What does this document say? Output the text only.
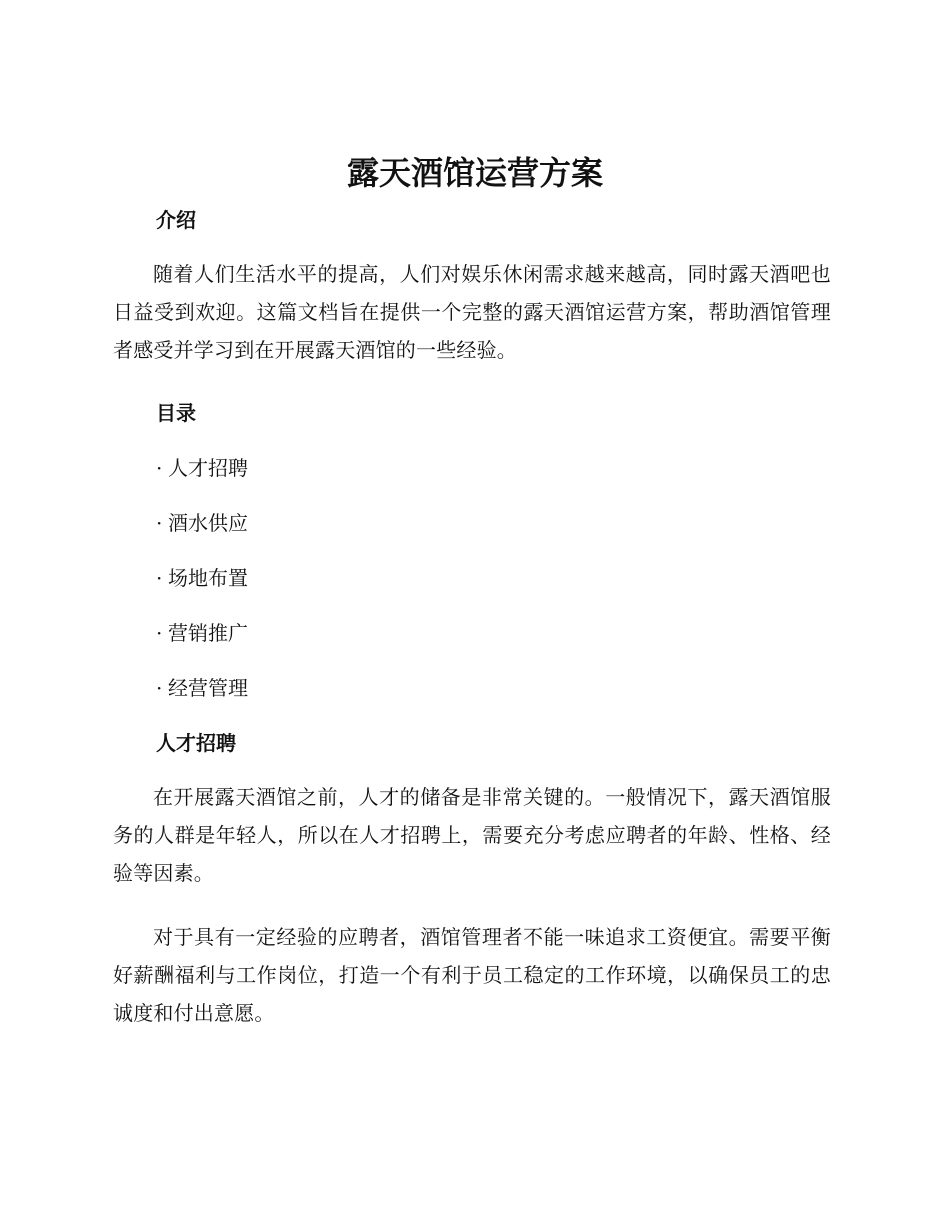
露天酒馆运营方案
介绍

随着人们生活水平的提高，人们对娱乐休闲需求越来越高，同时露天酒吧也日益受到欢迎。这篇文档旨在提供一个完整的露天酒馆运营方案，帮助酒馆管理者感受并学习到在开展露天酒馆的一些经验。

目录

· 人才招聘

· 酒水供应

· 场地布置

· 营销推广

· 经营管理

人才招聘

在开展露天酒馆之前，人才的储备是非常关键的。一般情况下，露天酒馆服务的人群是年轻人，所以在人才招聘上，需要充分考虑应聘者的年龄、性格、经验等因素。

对于具有一定经验的应聘者，酒馆管理者不能一味追求工资便宜。需要平衡好薪酬福利与工作岗位，打造一个有利于员工稳定的工作环境，以确保员工的忠诚度和付出意愿。
